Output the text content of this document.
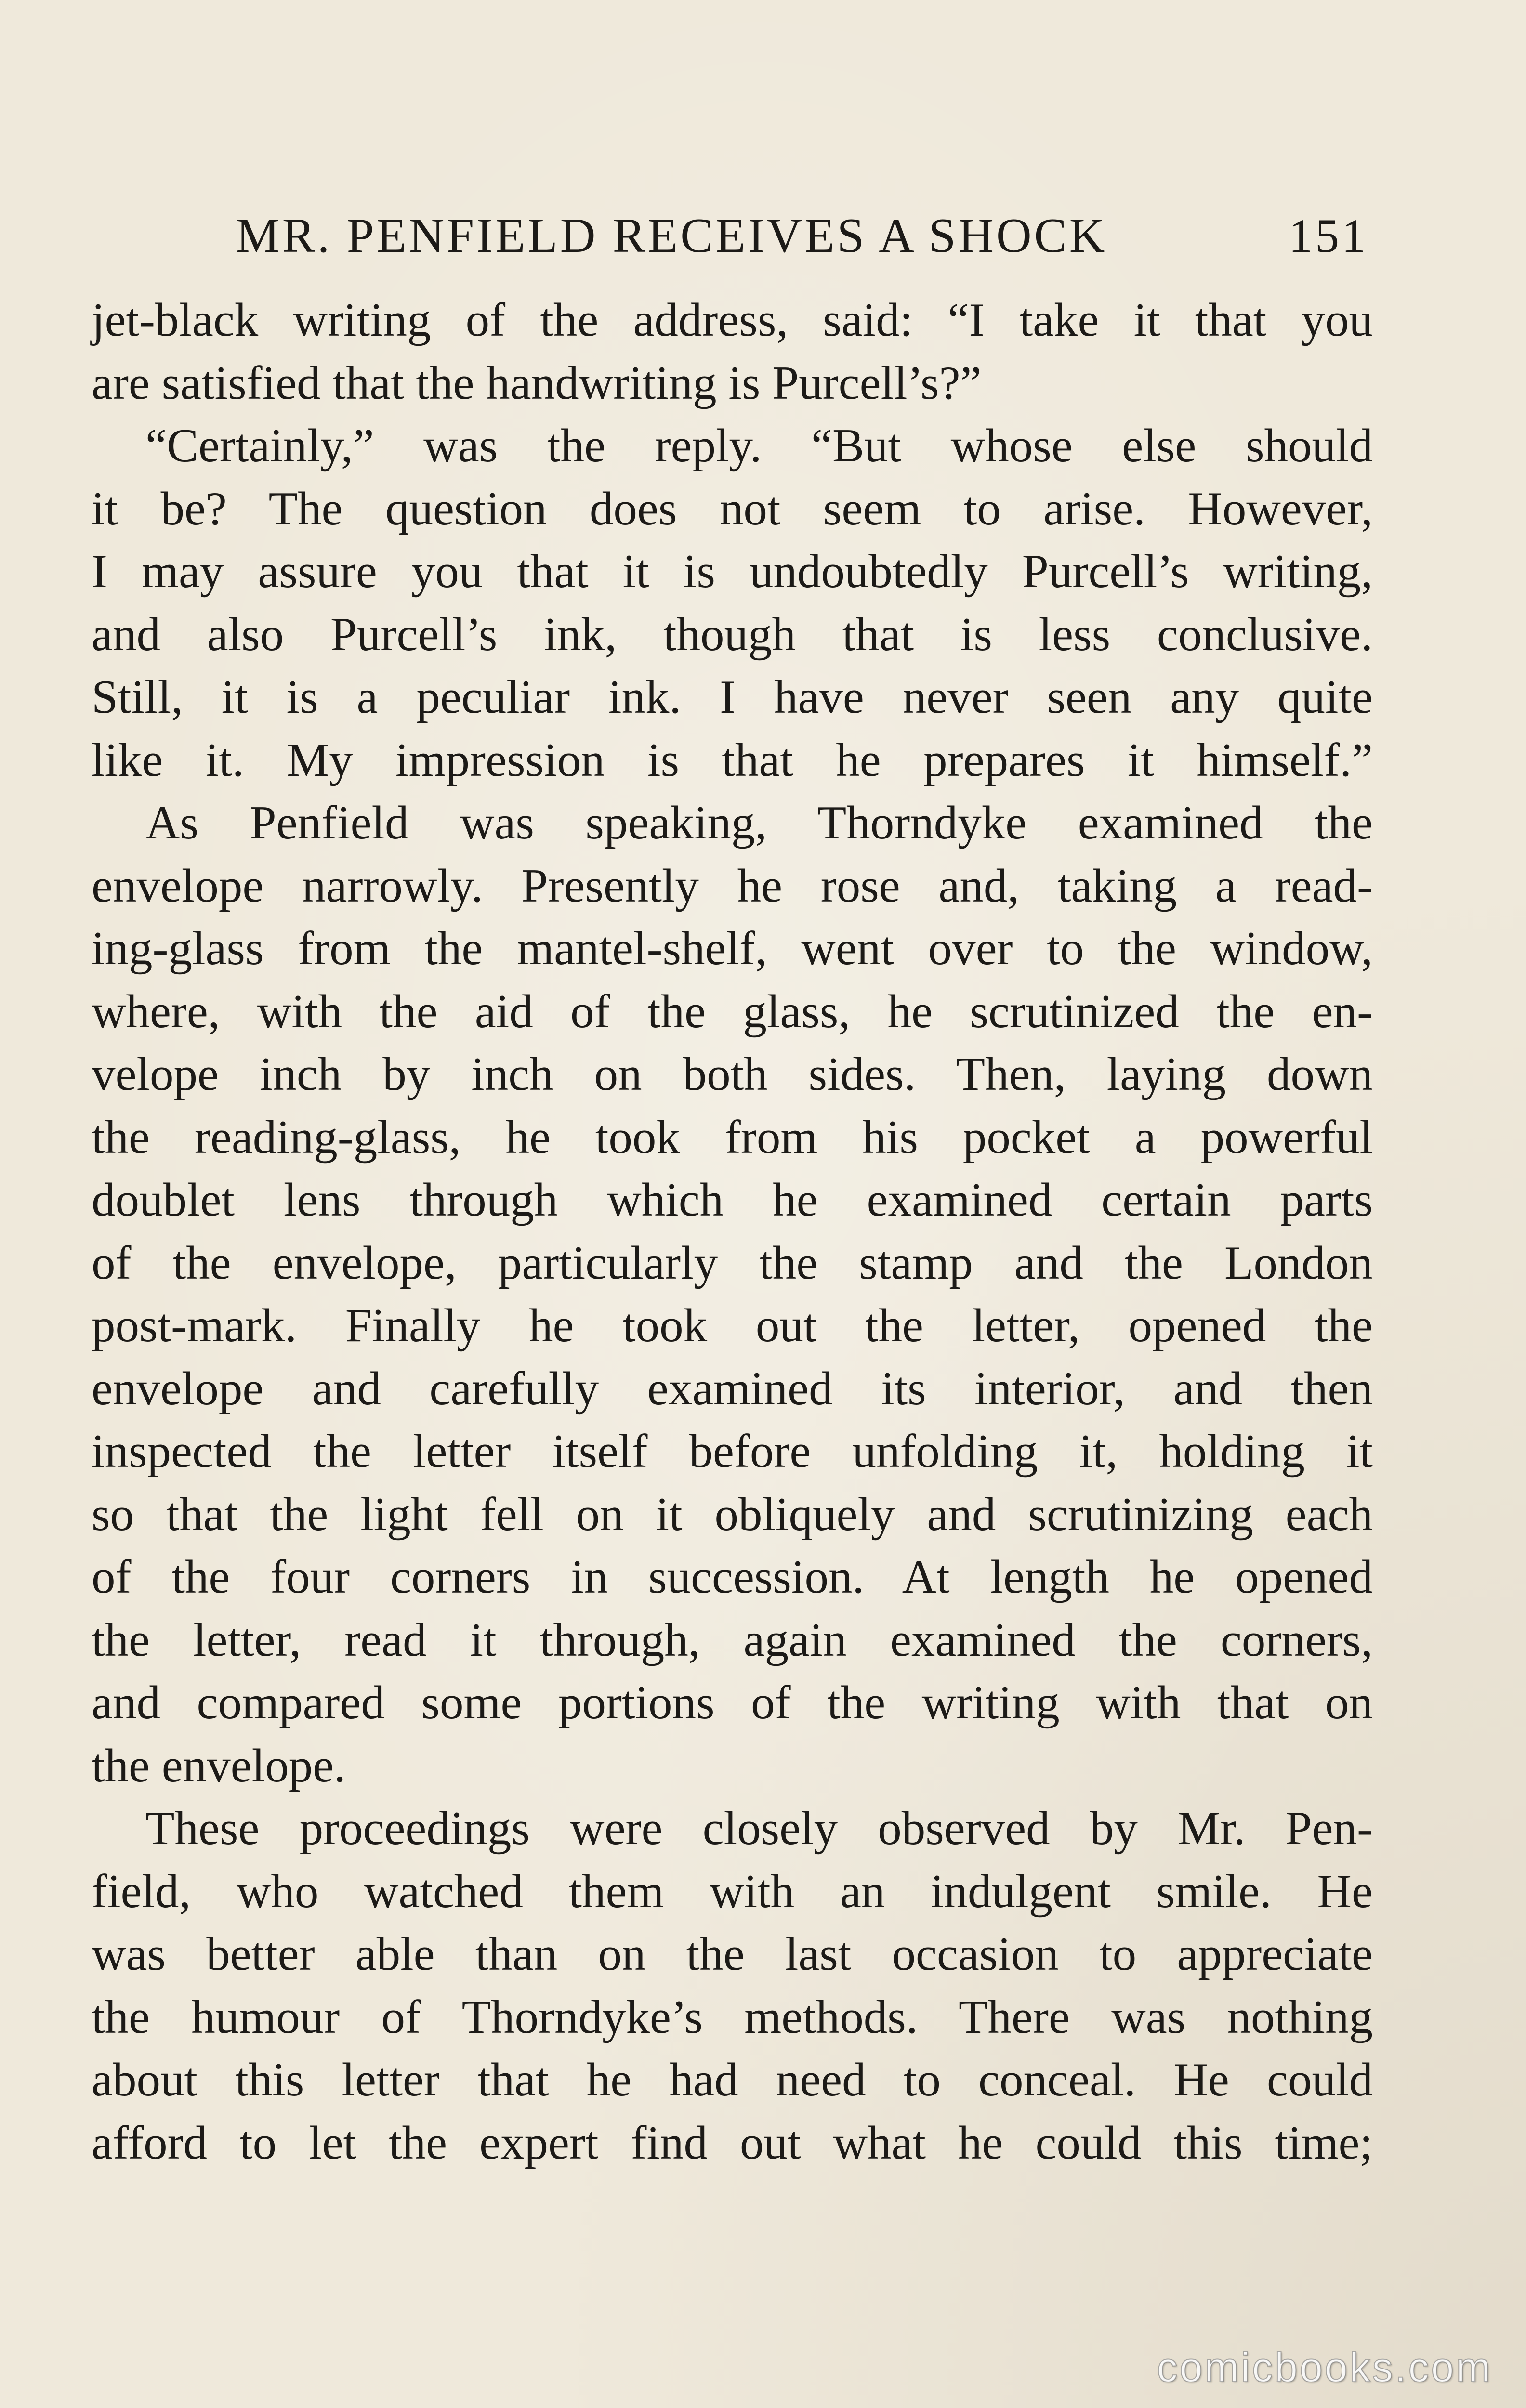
MR. PENFIELD RECEIVES A SHOCK	151
jet-black writing of the address, said: “I take it that you
are satisfied that the handwriting is Purcell’s?”
“Certainly,” was the reply. “But whose else should
it be? The question does not seem to arise. However,
I may assure you that it is undoubtedly Purcell’s writing,
and also Purcell’s ink, though that is less conclusive.
Still, it is a peculiar ink. I have never seen any quite
like it. My impression is that he prepares it himself.”
As Penfield was speaking, Thorndyke examined the
envelope narrowly. Presently he rose and, taking a read-
ing-glass from the mantel-shelf, went over to the window,
where, with the aid of the glass, he scrutinized the en-
velope inch by inch on both sides. Then, laying down
the reading-glass, he took from his pocket a powerful
doublet lens through which he examined certain parts
of the envelope, particularly the stamp and the London
post-mark. Finally he took out the letter, opened the
envelope and carefully examined its interior, and then
inspected the letter itself before unfolding it, holding it
so that the light fell on it obliquely and scrutinizing each
of the four corners in succession. At length he opened
the letter, read it through, again examined the corners,
and compared some portions of the writing with that on
the envelope.
These proceedings were closely observed by Mr. Pen-
field, who watched them with an indulgent smile. He
was better able than on the last occasion to appreciate
the humour of Thorndyke’s methods. There was nothing
about this letter that he had need to conceal. He could
afford to let the expert find out what he could this time;
comicbooks.com
